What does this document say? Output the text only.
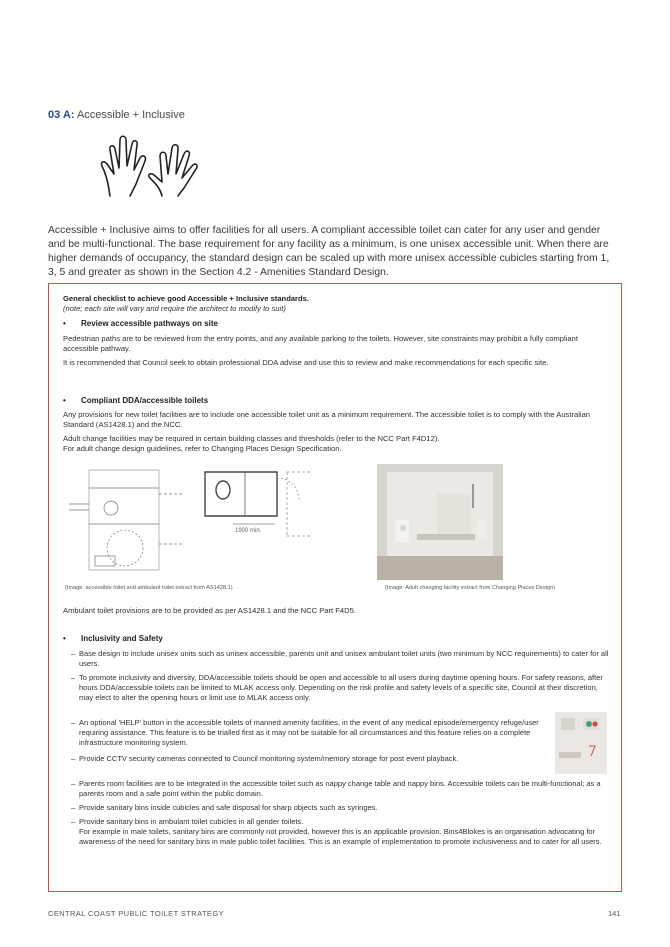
03 A: Accessible + Inclusive

Accessible + Inclusive aims to offer facilities for all users. A compliant accessible toilet can cater for any user and gender and be multi-functional. The base requirement for any facility as a minimum, is one unisex accessible unit. When there are higher demands of occupancy, the standard design can be scaled up with more unisex accessible cubicles starting from 1, 3, 5 and greater as shown in the Section 4.2 - Amenities Standard Design.

General checklist to achieve good Accessible + Inclusive standards.

(note; each site will vary and require the architect to modify to suit)

• Review accessible pathways on site

Pedestrian paths are to be reviewed from the entry points, and any available parking to the toilets. However, site constraints may prohibit a fully compliant accessible pathway.

It is recommended that Council seek to obtain professional DDA advise and use this to review and make recommendations for each specific site.

• Compliant DDA/accessible toilets

Any provisions for new toilet facilities are to include one accessible toilet unit as a minimum requirement. The accessible toilet is to comply with the Australian Standard (AS1428.1) and the NCC.

Adult change facilities may be required in certain building classes and thresholds (refer to the NCC Part F4D12).

For adult change design guidelines, refer to Changing Places Design Specification.

1900 min.
(Image: accessible toilet and ambulant toilet extract from AS1428.1)	(Image: Adult changing facility extract from Changing Places Design)

Ambulant toilet provisions are to be provided as per AS1428.1 and the NCC Part F4D5.

• Inclusivity and Safety

– Base design to include unisex units such as unisex accessible, parents unit and unisex ambulant toilet units (two minimum by NCC requirements) to cater for all users.

– To promote inclusivity and diversity, DDA/accessible toilets should be open and accessible to all users during daytime opening hours. For safety reasons, after hours DDA/accessible toilets can be limited to MLAK access only. Depending on the risk profile and safety levels of a specific site, Council at their discretion, may elect to alter the opening hours or limit use to MLAK access only.

– An optional 'HELP' button in the accessible toilets of manned amenity facilities, in the event of any medical episode/emergency refuge/user requiring assistance. This feature is to be trialled first as it may not be suitable for all circumstances and this feature relies on a complete infrastructure monitoring system.

– Provide CCTV security cameras connected to Council monitoring system/memory storage for post event playback.

– Parents room facilities are to be integrated in the accessible toilet such as nappy change table and nappy bins. Accessible toilets can be multi-functional; as a parents room and a safe point within the public domain.

– Provide sanitary bins inside cubicles and safe disposal for sharp objects such as syringes.

– Provide sanitary bins in ambulant toilet cubicles in all gender toilets.

For example in male toilets, sanitary bins are commonly not provided, however this is an applicable provision. Bins4Blokes is an organisation advocating for awareness of the need for sanitary bins in male public toilet facilities. This is an example of implementation to promote inclusiveness and to cater for all users.

CENTRAL COAST PUBLIC TOILET STRATEGY	141
